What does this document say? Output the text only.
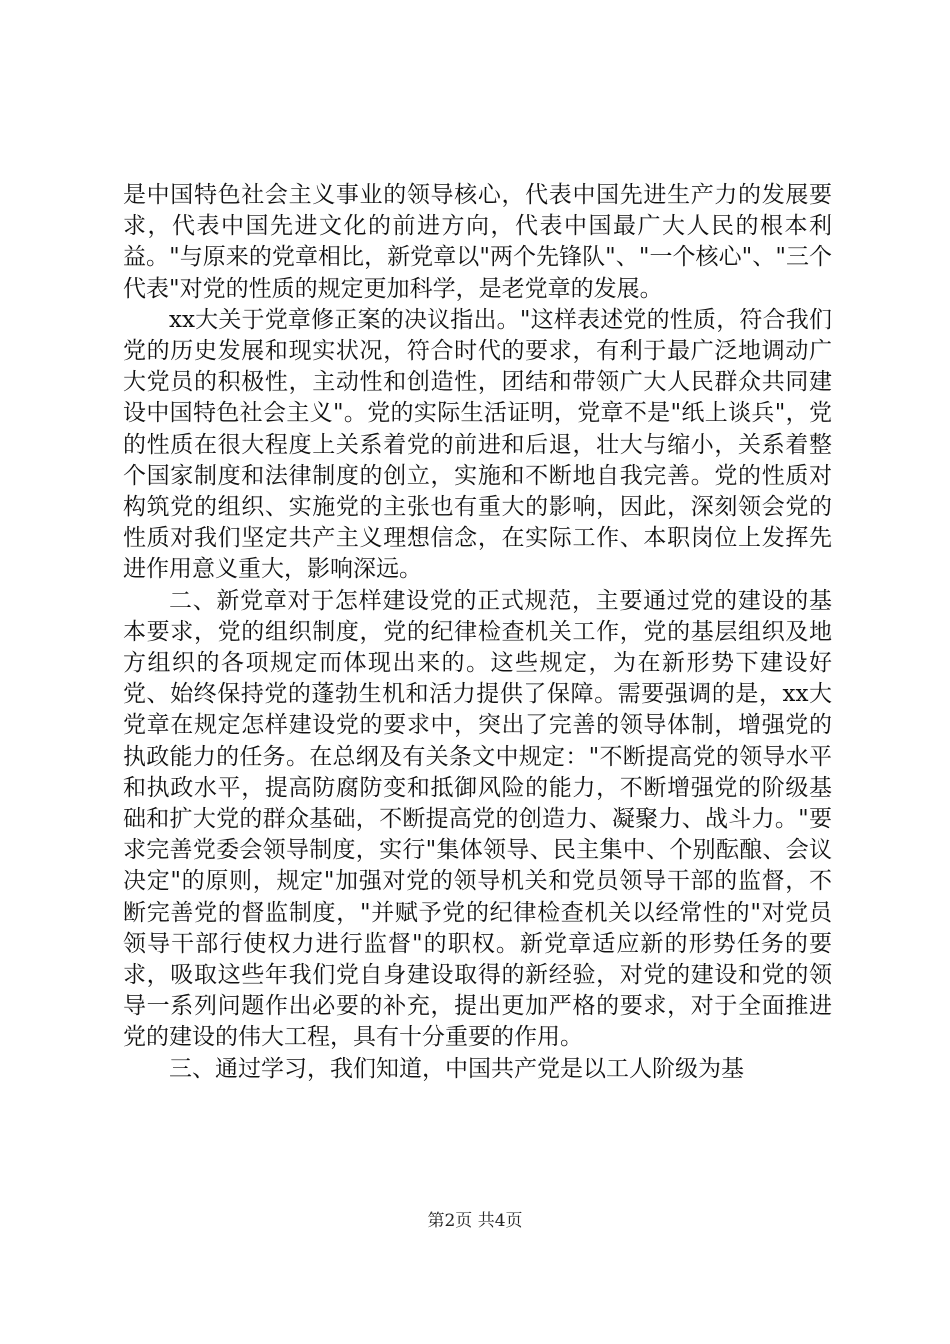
是中国特色社会主义事业的领导核心，代表中国先进生产力的发展要求，代表中国先进文化的前进方向，代表中国最广大人民的根本利益。"与原来的党章相比，新党章以"两个先锋队"、"一个核心"、"三个代表"对党的性质的规定更加科学，是老党章的发展。

xx大关于党章修正案的决议指出。"这样表述党的性质，符合我们党的历史发展和现实状况，符合时代的要求，有利于最广泛地调动广大党员的积极性，主动性和创造性，团结和带领广大人民群众共同建设中国特色社会主义"。党的实际生活证明，党章不是"纸上谈兵"，党的性质在很大程度上关系着党的前进和后退，壮大与缩小，关系着整个国家制度和法律制度的创立，实施和不断地自我完善。党的性质对构筑党的组织、实施党的主张也有重大的影响，因此，深刻领会党的性质对我们坚定共产主义理想信念，在实际工作、本职岗位上发挥先进作用意义重大，影响深远。

二、新党章对于怎样建设党的正式规范，主要通过党的建设的基本要求，党的组织制度，党的纪律检查机关工作，党的基层组织及地方组织的各项规定而体现出来的。这些规定，为在新形势下建设好党、始终保持党的蓬勃生机和活力提供了保障。需要强调的是，xx大党章在规定怎样建设党的要求中，突出了完善的领导体制，增强党的执政能力的任务。在总纲及有关条文中规定："不断提高党的领导水平和执政水平，提高防腐防变和抵御风险的能力，不断增强党的阶级基础和扩大党的群众基础，不断提高党的创造力、凝聚力、战斗力。"要求完善党委会领导制度，实行"集体领导、民主集中、个别酝酿、会议决定"的原则，规定"加强对党的领导机关和党员领导干部的监督，不断完善党的督监制度，"并赋予党的纪律检查机关以经常性的"对党员领导干部行使权力进行监督"的职权。新党章适应新的形势任务的要求，吸取这些年我们党自身建设取得的新经验，对党的建设和党的领导一系列问题作出必要的补充，提出更加严格的要求，对于全面推进党的建设的伟大工程，具有十分重要的作用。

三、通过学习，我们知道，中国共产党是以工人阶级为基

第2页 共4页
